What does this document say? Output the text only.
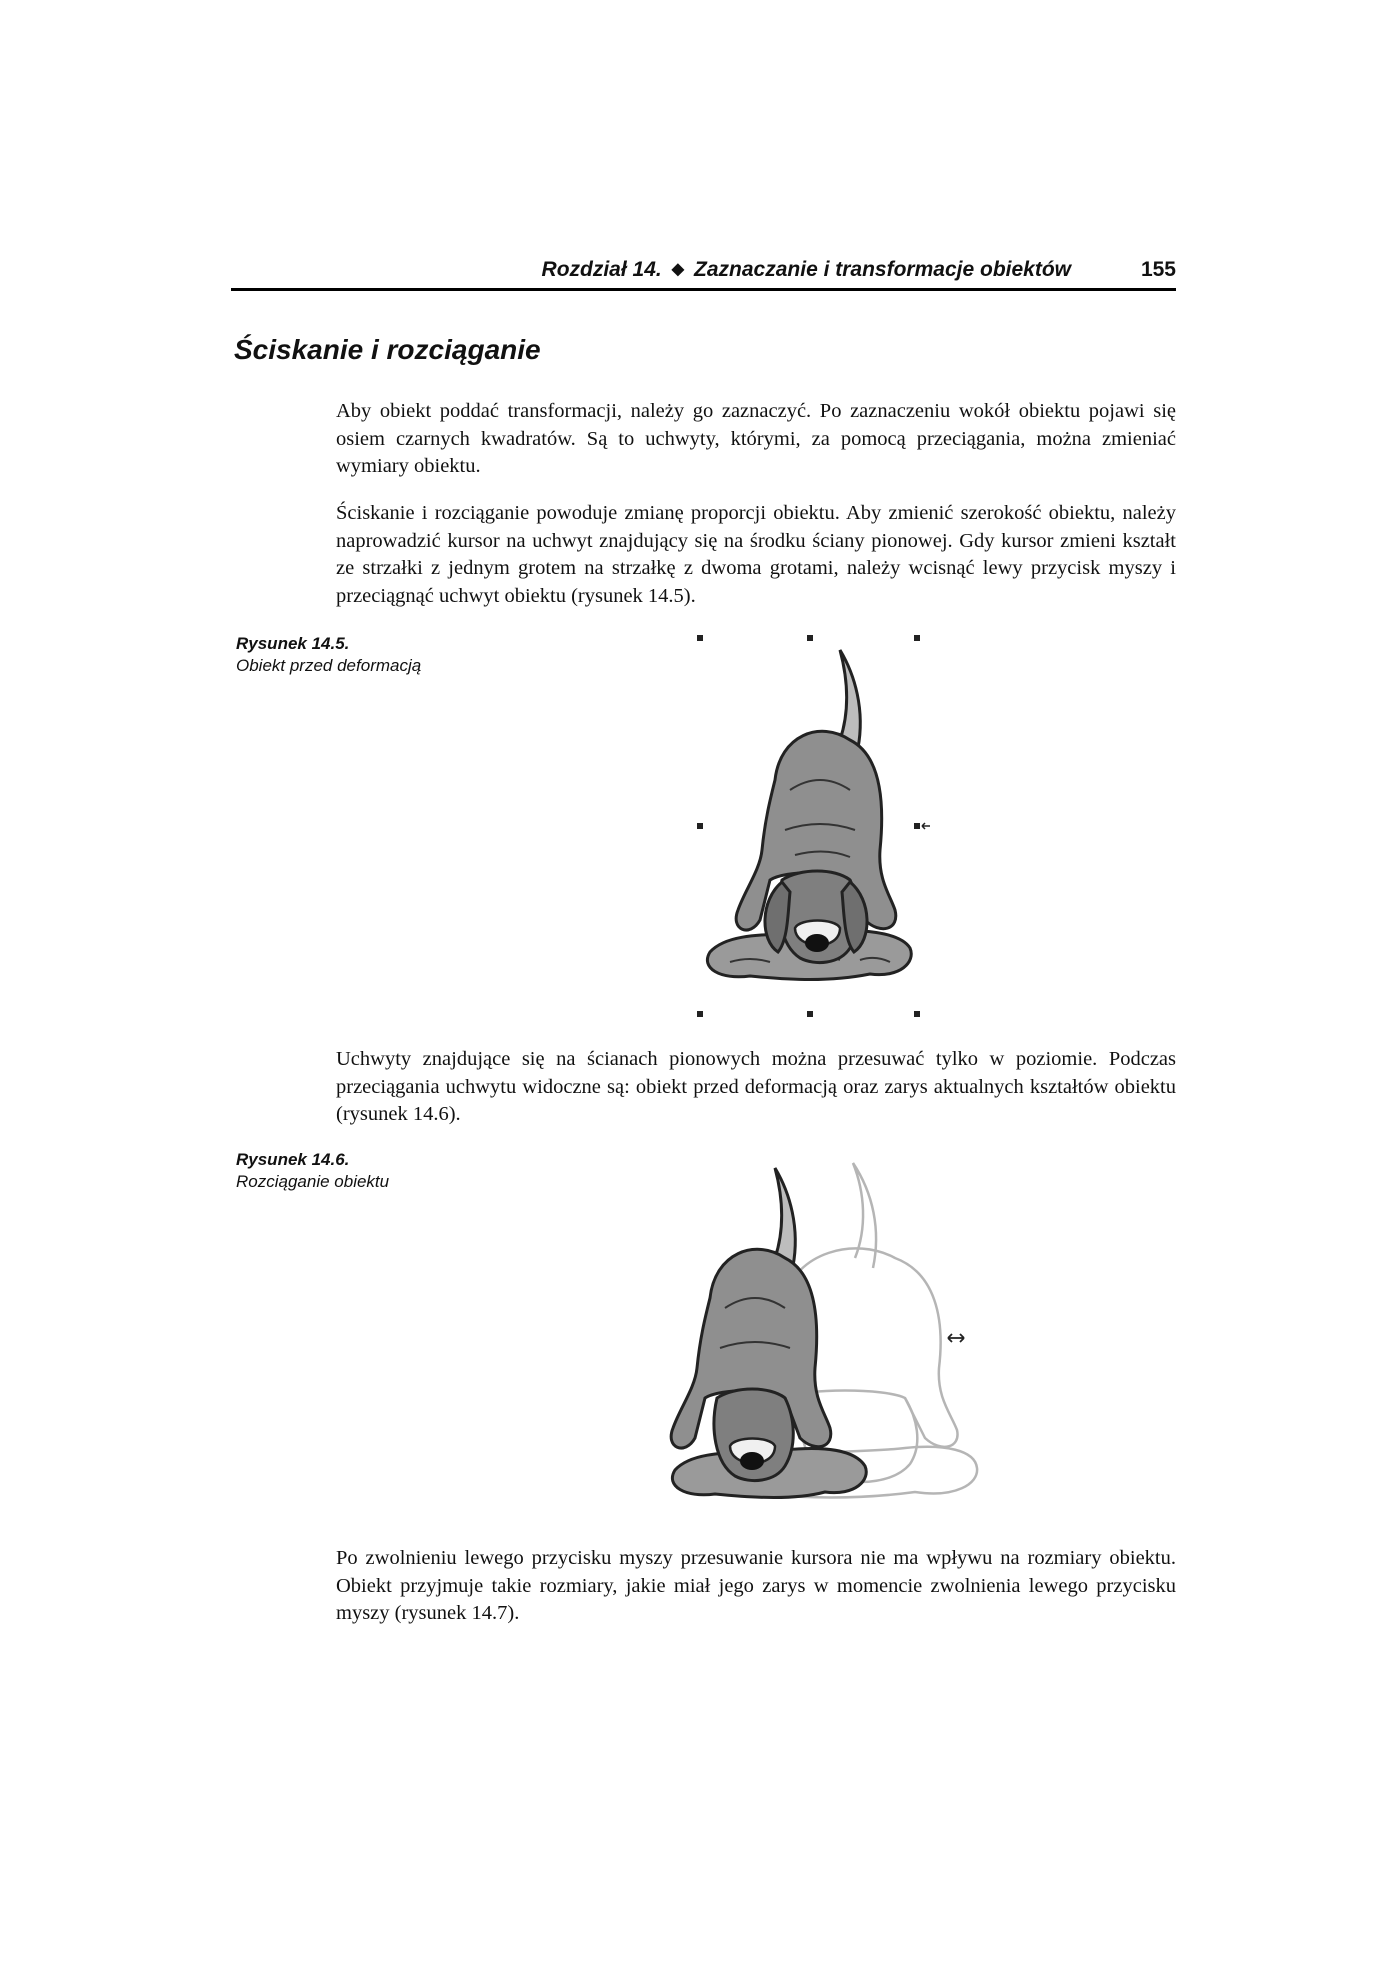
Rozdział 14. ◆ Zaznaczanie i transformacje obiektów	155
Ściskanie i rozciąganie

Aby obiekt poddać transformacji, należy go zaznaczyć. Po zaznaczeniu wokół obiektu pojawi się osiem czarnych kwadratów. Są to uchwyty, którymi, za pomocą przeciągania, można zmieniać wymiary obiektu.

Ściskanie i rozciąganie powoduje zmianę proporcji obiektu. Aby zmienić szerokość obiektu, należy naprowadzić kursor na uchwyt znajdujący się na środku ściany pionowej. Gdy kursor zmieni kształt ze strzałki z jednym grotem na strzałkę z dwoma grotami, należy wcisnąć lewy przycisk myszy i przeciągnąć uchwyt obiektu (rysunek 14.5).

Rysunek 14.5.
Obiekt przed deformacją

Uchwyty znajdujące się na ścianach pionowych można przesuwać tylko w poziomie. Podczas przeciągania uchwytu widoczne są: obiekt przed deformacją oraz zarys aktualnych kształtów obiektu (rysunek 14.6).

Rysunek 14.6.
Rozciąganie obiektu

Po zwolnieniu lewego przycisku myszy przesuwanie kursora nie ma wpływu na rozmiary obiektu. Obiekt przyjmuje takie rozmiary, jakie miał jego zarys w momencie zwolnienia lewego przycisku myszy (rysunek 14.7).
